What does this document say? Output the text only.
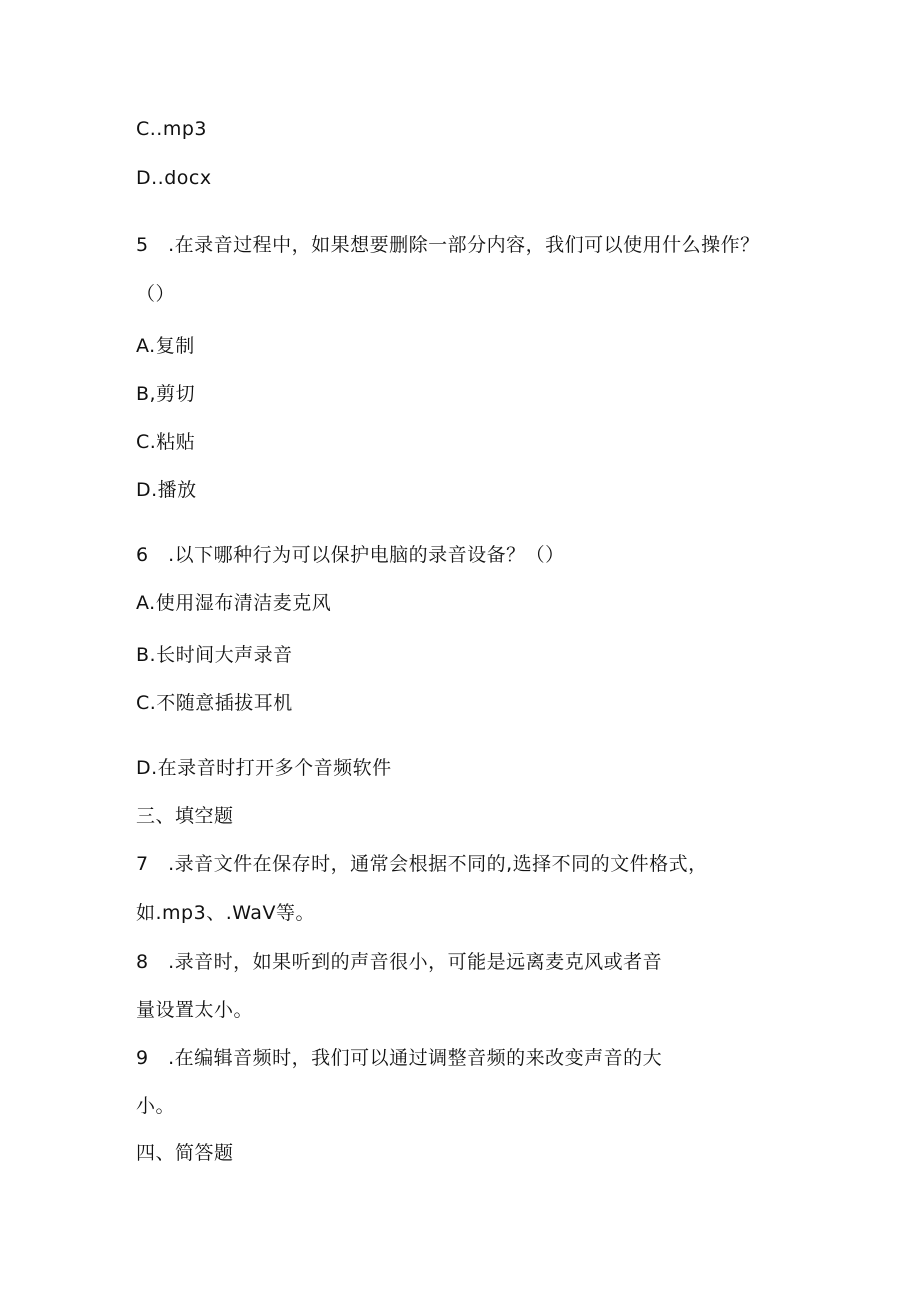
C..mp3
D..docx
5　.在录音过程中，如果想要删除一部分内容，我们可以使用什么操作？
（）
A.复制
B,剪切
C.粘贴
D.播放
6　.以下哪种行为可以保护电脑的录音设备？（）
A.使用湿布清洁麦克风
B.长时间大声录音
C.不随意插拔耳机
D.在录音时打开多个音频软件
三、填空题
7　.录音文件在保存时，通常会根据不同的,选择不同的文件格式，
如.mp3、.WaV等。
8　.录音时，如果听到的声音很小，可能是远离麦克风或者音
量设置太小。
9　.在编辑音频时，我们可以通过调整音频的来改变声音的大
小。
四、简答题
